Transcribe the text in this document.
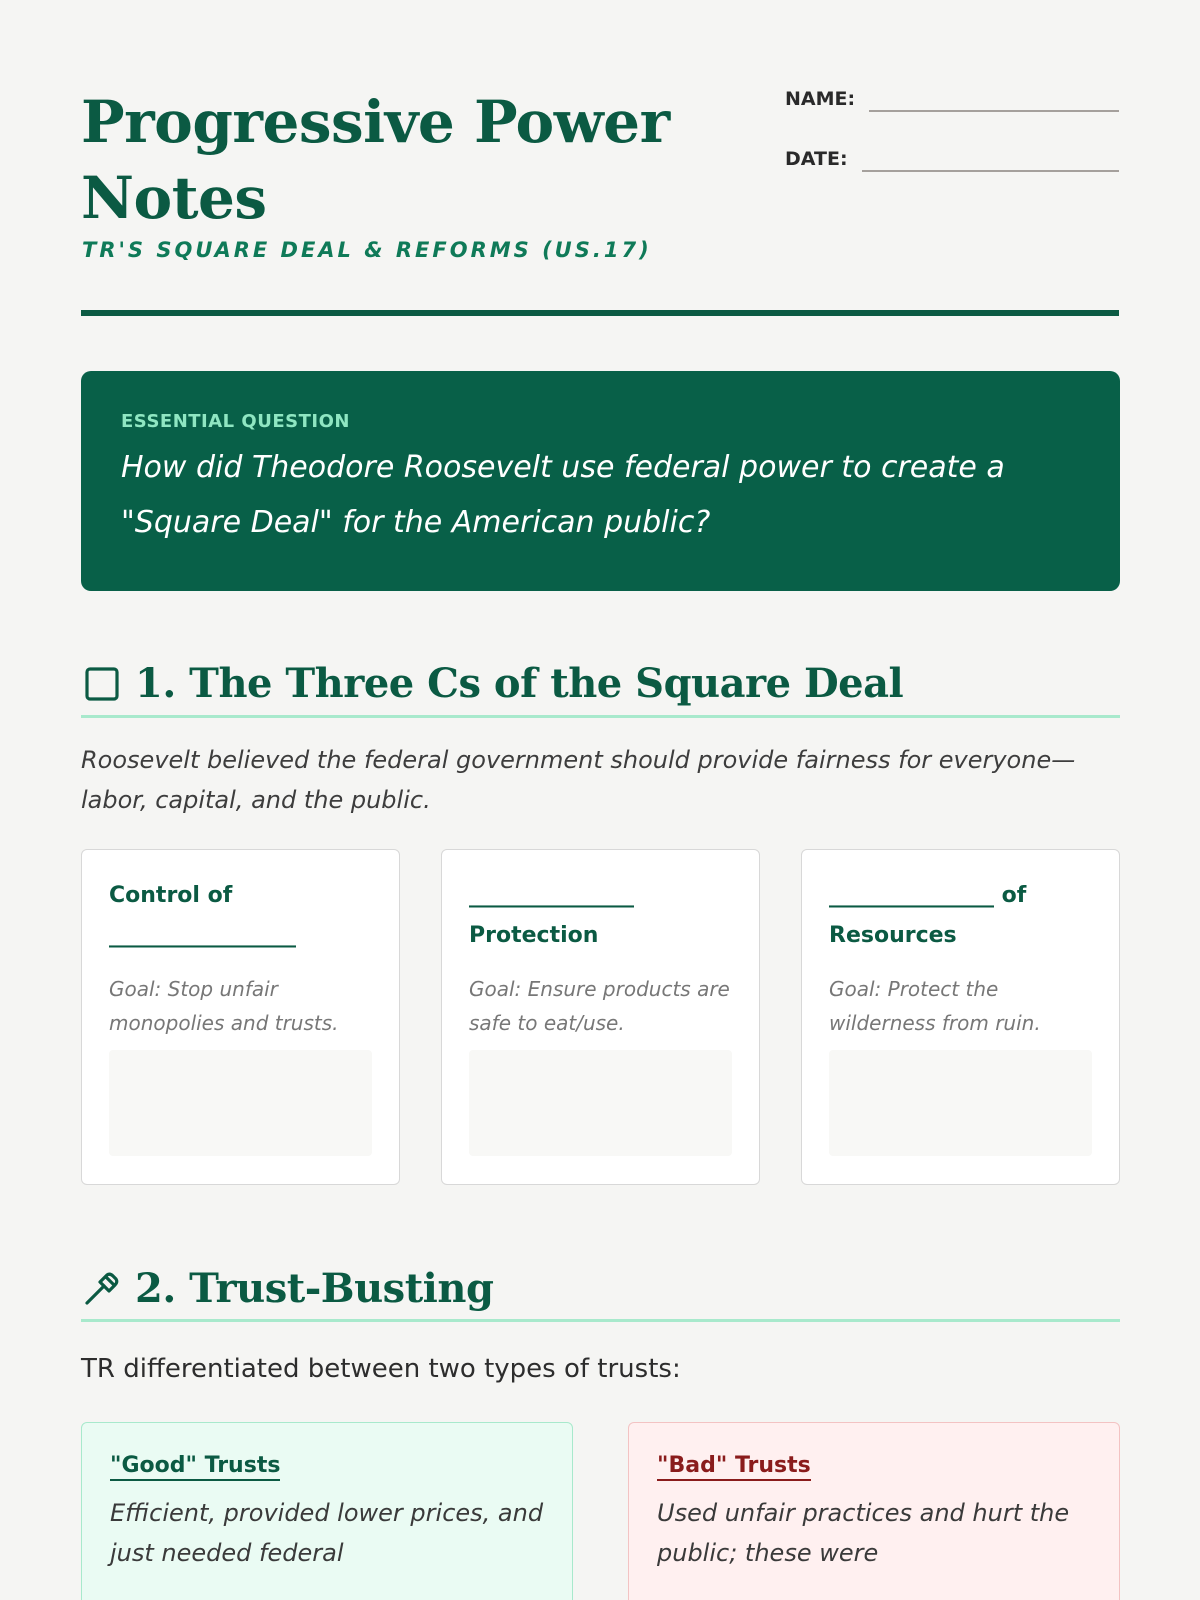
Progressive Power Notes
TR'S SQUARE DEAL & REFORMS (US.17)
NAME:
DATE:
ESSENTIAL QUESTION
How did Theodore Roosevelt use federal power to create a "Square Deal" for the American public?
1. The Three Cs of the Square Deal

Roosevelt believed the federal government should provide fairness for everyone—labor, capital, and the public.

Control of _________________
Goal: Stop unfair monopolies and trusts.
_______________ Protection
Goal: Ensure products are safe to eat/use.
_______________ of Resources
Goal: Protect the wilderness from ruin.
2. Trust-Busting

TR differentiated between two types of trusts:

"Good" Trusts

Efficient, provided lower prices, and just needed federal

"Bad" Trusts

Used unfair practices and hurt the public; these were
